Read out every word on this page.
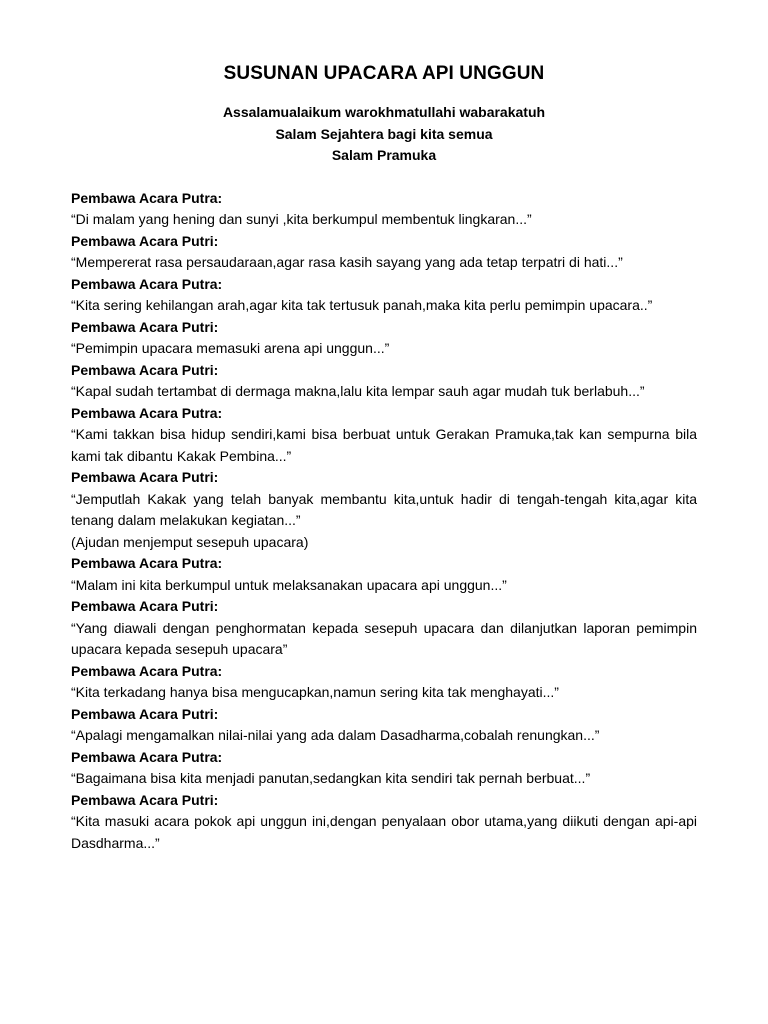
SUSUNAN UPACARA API UNGGUN
Assalamualaikum warokhmatullahi wabarakatuh
Salam Sejahtera bagi kita semua
Salam Pramuka
Pembawa Acara Putra:
“Di malam yang hening dan sunyi ,kita berkumpul membentuk lingkaran...”
Pembawa Acara Putri:
“Mempererat rasa persaudaraan,agar rasa kasih sayang yang ada tetap terpatri di hati...”
Pembawa Acara Putra:
“Kita sering kehilangan arah,agar kita tak tertusuk panah,maka kita perlu pemimpin upacara..”
Pembawa Acara Putri:
“Pemimpin upacara memasuki arena api unggun...”
Pembawa Acara Putri:
“Kapal sudah tertambat di dermaga makna,lalu kita lempar sauh agar mudah tuk berlabuh...”
Pembawa Acara Putra:
“Kami takkan bisa hidup sendiri,kami bisa berbuat untuk Gerakan Pramuka,tak kan sempurna bila kami tak dibantu Kakak Pembina...”
Pembawa Acara Putri:
“Jemputlah Kakak yang telah banyak membantu kita,untuk hadir di tengah-tengah kita,agar kita tenang dalam melakukan kegiatan...”
(Ajudan menjemput sesepuh upacara)
Pembawa Acara Putra:
“Malam ini kita berkumpul untuk melaksanakan upacara api unggun...”
Pembawa Acara Putri:
“Yang diawali dengan penghormatan kepada sesepuh upacara dan dilanjutkan laporan pemimpin upacara kepada sesepuh upacara”
Pembawa Acara Putra:
“Kita terkadang hanya bisa mengucapkan,namun sering kita tak menghayati...”
Pembawa Acara Putri:
“Apalagi mengamalkan nilai-nilai yang ada dalam Dasadharma,cobalah renungkan...”
Pembawa Acara Putra:
“Bagaimana bisa kita menjadi panutan,sedangkan kita sendiri tak pernah berbuat...”
Pembawa Acara Putri:
“Kita masuki acara pokok api unggun ini,dengan penyalaan obor utama,yang diikuti dengan api-api Dasdharma...”
